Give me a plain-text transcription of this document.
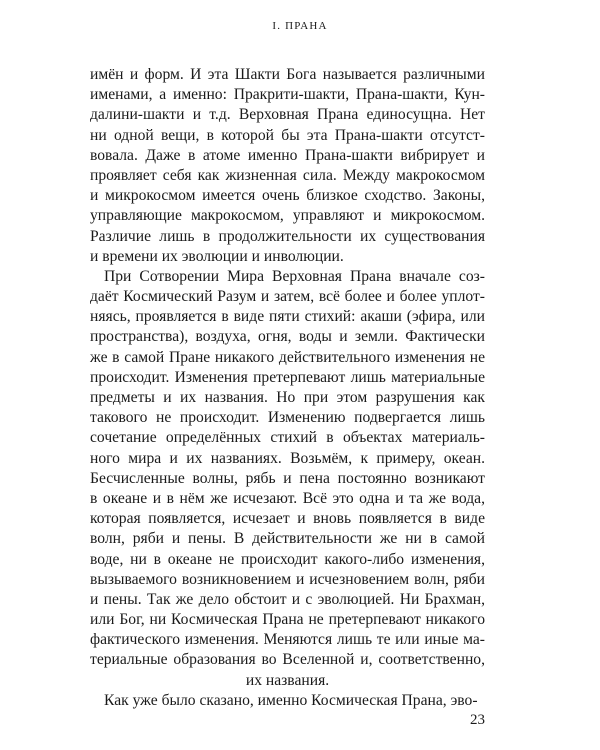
I. ПРАНА
имён и форм. И эта Шакти Бога называется различными
именами, а именно: Пракрити-шакти, Прана-шакти, Кун-
далини-шакти и т.д. Верховная Прана единосущна. Нет
ни одной вещи, в которой бы эта Прана-шакти отсутст-
вовала. Даже в атоме именно Прана-шакти вибрирует и
проявляет себя как жизненная сила. Между макрокосмом
и микрокосмом имеется очень близкое сходство. Законы,
управляющие макрокосмом, управляют и микрокосмом.
Различие лишь в продолжительности их существования
и времени их эволюции и инволюции.
При Сотворении Мира Верховная Прана вначале соз-
даёт Космический Разум и затем, всё более и более уплот-
няясь, проявляется в виде пяти стихий: акаши (эфира, или
пространства), воздуха, огня, воды и земли. Фактически
же в самой Пране никакого действительного изменения не
происходит. Изменения претерпевают лишь материальные
предметы и их названия. Но при этом разрушения как
такового не происходит. Изменению подвергается лишь
сочетание определённых стихий в объектах материаль-
ного мира и их названиях. Возьмём, к примеру, океан.
Бесчисленные волны, рябь и пена постоянно возникают
в океане и в нём же исчезают. Всё это одна и та же вода,
которая появляется, исчезает и вновь появляется в виде
волн, ряби и пены. В действительности же ни в самой
воде, ни в океане не происходит какого-либо изменения,
вызываемого возникновением и исчезновением волн, ряби
и пены. Так же дело обстоит и с эволюцией. Ни Брахман,
или Бог, ни Космическая Прана не претерпевают никакого
фактического изменения. Меняются лишь те или иные ма-
териальные образования во Вселенной и, соответственно,
их названия.
Как уже было сказано, именно Космическая Прана, эво-
23
